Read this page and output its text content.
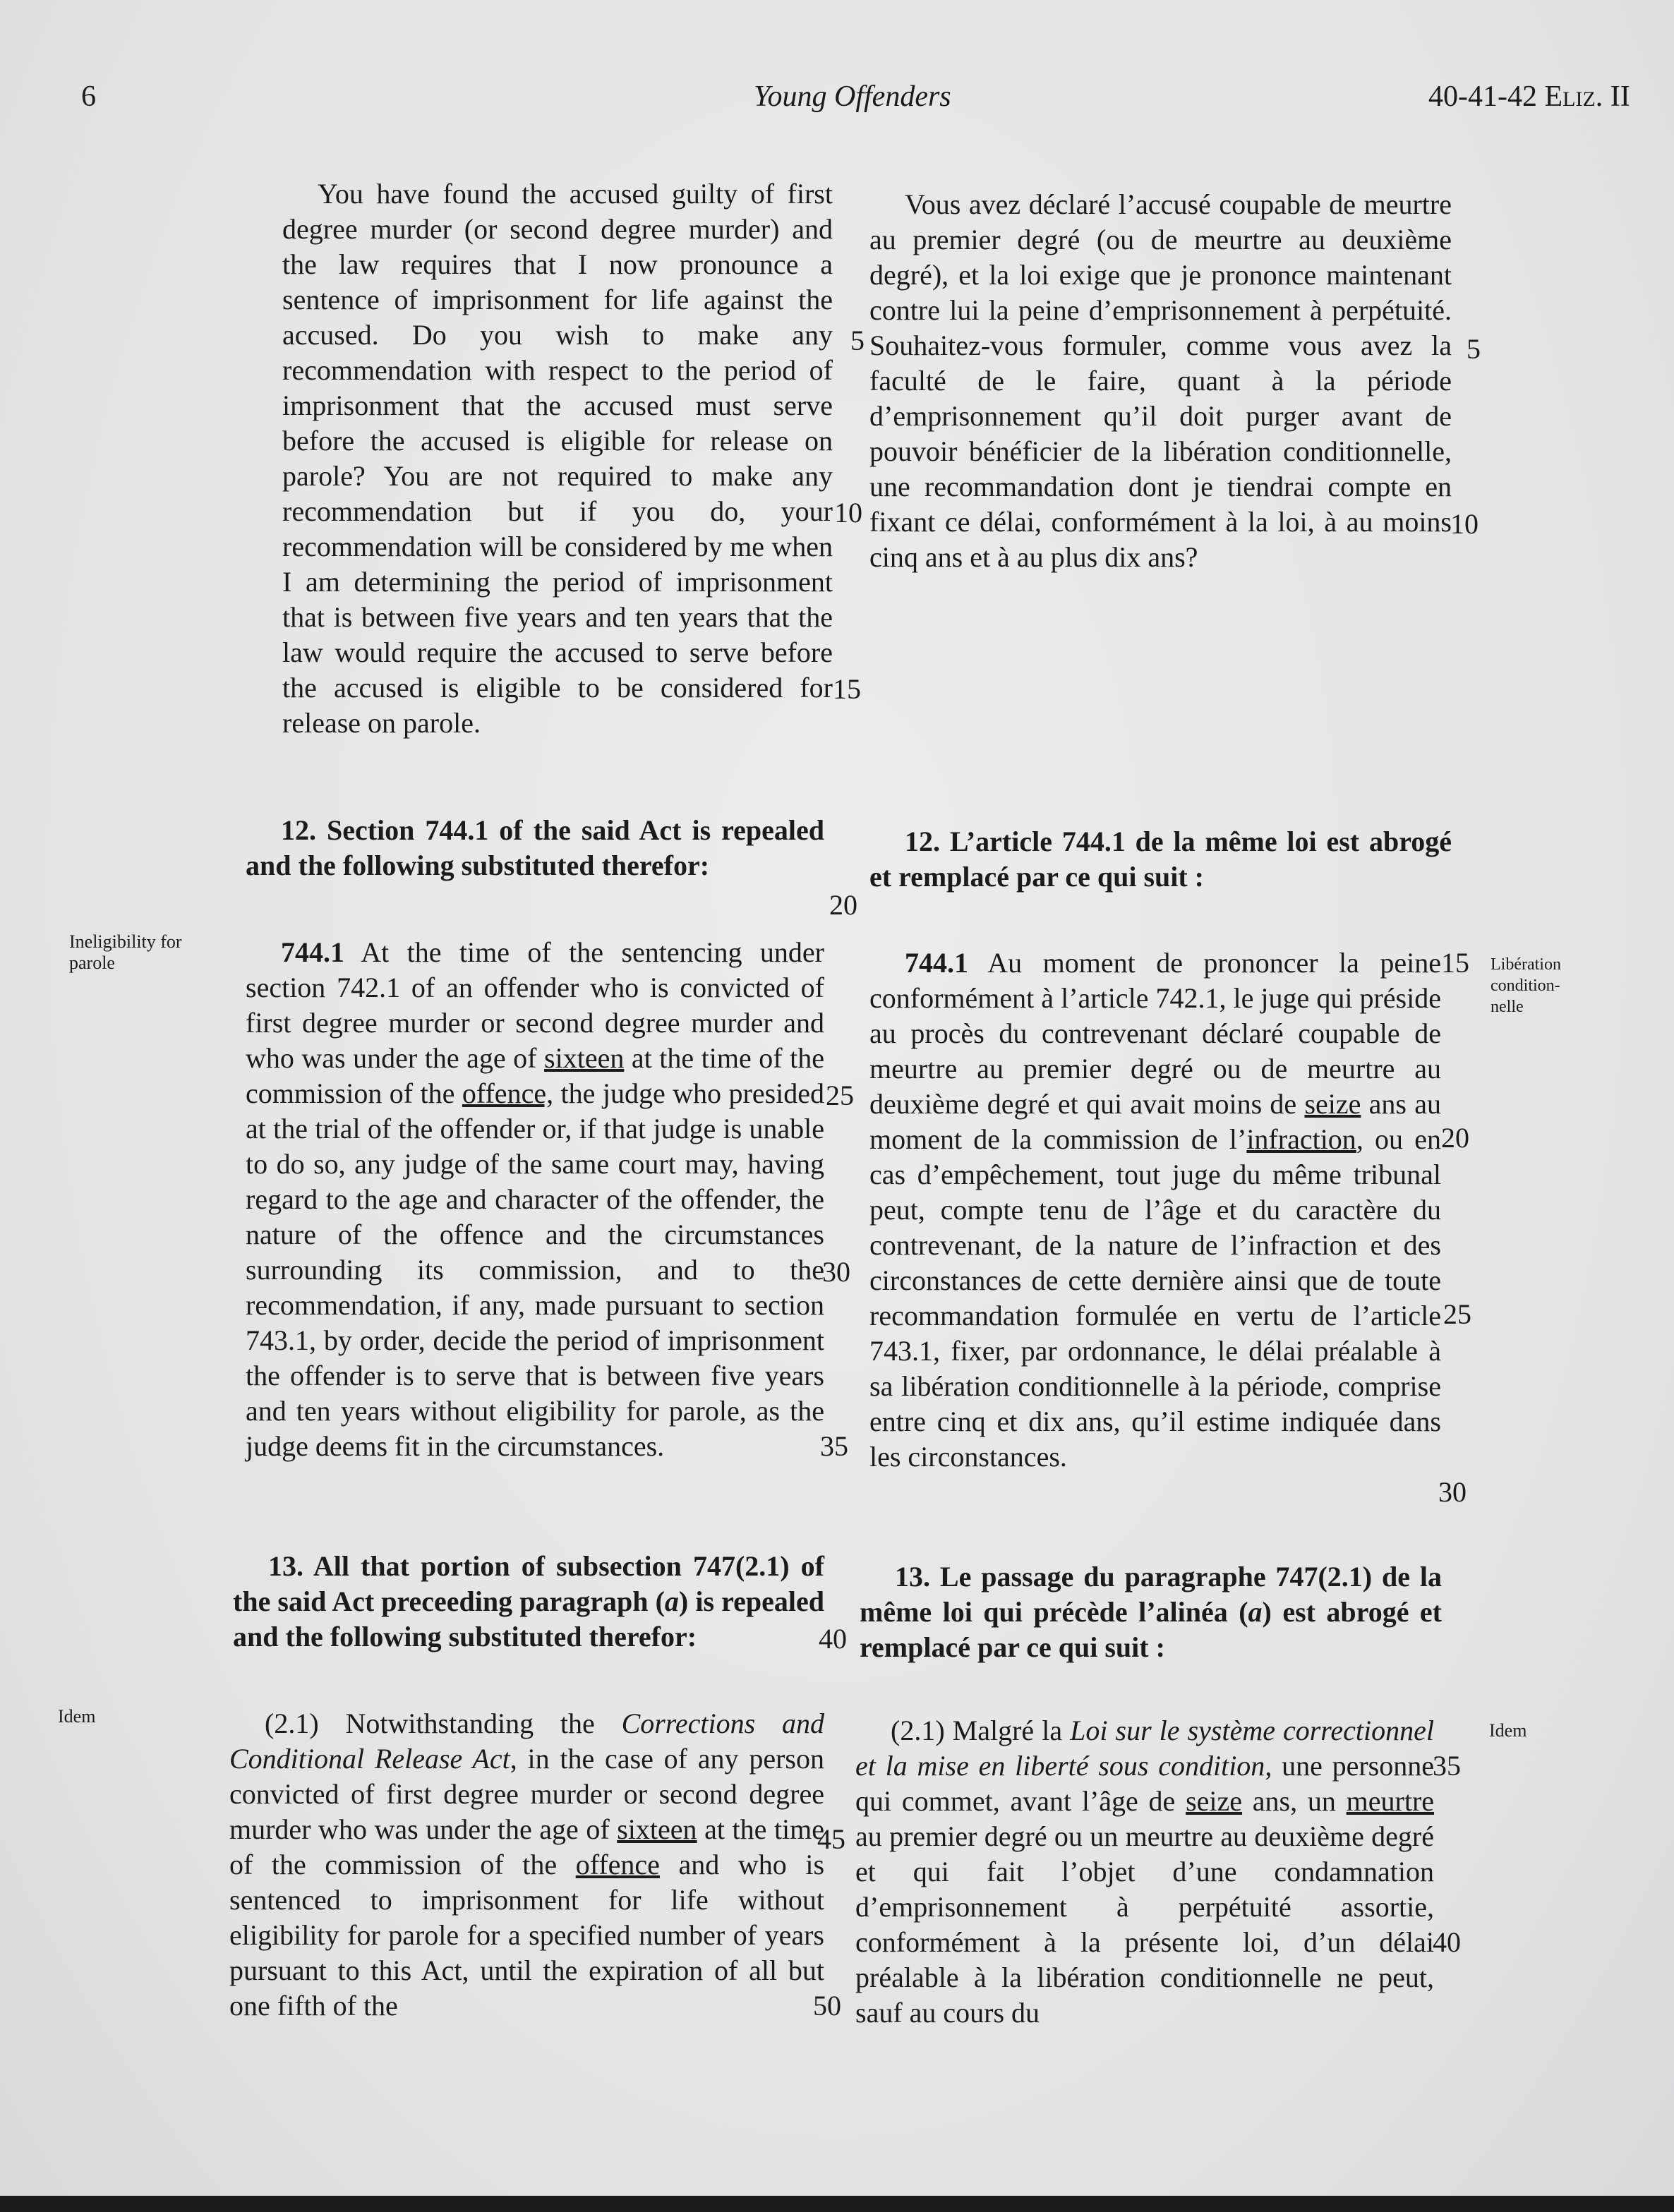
6	Young Offenders	40-41-42 ELIZ. II

You have found the accused guilty of first degree murder (or second degree murder) and the law requires that I now pronounce a sentence of imprisonment for life against the accused. Do you wish to make any recommendation with respect to the period of imprisonment that the accused must serve before the accused is eligible for release on parole? You are not required to make any recommendation but if you do, your recommendation will be considered by me when I am determining the period of imprisonment that is between five years and ten years that the law would require the accused to serve before the accused is eligible to be considered for release on parole.

12. Section 744.1 of the said Act is repealed and the following substituted therefor:

744.1 At the time of the sentencing under section 742.1 of an offender who is convicted of first degree murder or second degree murder and who was under the age of sixteen at the time of the commission of the offence, the judge who presided at the trial of the offender or, if that judge is unable to do so, any judge of the same court may, having regard to the age and character of the offender, the nature of the offence and the circumstances surrounding its commission, and to the recommendation, if any, made pursuant to section 743.1, by order, decide the period of imprisonment the offender is to serve that is between five years and ten years without eligibility for parole, as the judge deems fit in the circumstances.

13. All that portion of subsection 747(2.1) of the said Act preceeding paragraph (a) is repealed and the following substituted therefor:

(2.1) Notwithstanding the Corrections and Conditional Release Act, in the case of any person convicted of first degree murder or second degree murder who was under the age of sixteen at the time of the commission of the offence and who is sentenced to imprisonment for life without eligibility for parole for a specified number of years pursuant to this Act, until the expiration of all but one fifth of the

Vous avez déclaré l’accusé coupable de meurtre au premier degré (ou de meurtre au deuxième degré), et la loi exige que je prononce maintenant contre lui la peine d’emprisonnement à perpétuité. Souhaitez-vous formuler, comme vous avez la faculté de le faire, quant à la période d’emprisonnement qu’il doit purger avant de pouvoir bénéficier de la libération conditionnelle, une recommandation dont je tiendrai compte en fixant ce délai, conformément à la loi, à au moins cinq ans et à au plus dix ans?

12. L’article 744.1 de la même loi est abrogé et remplacé par ce qui suit :

744.1 Au moment de prononcer la peine conformément à l’article 742.1, le juge qui préside au procès du contrevenant déclaré coupable de meurtre au premier degré ou de meurtre au deuxième degré et qui avait moins de seize ans au moment de la commission de l’infraction, ou en cas d’empêchement, tout juge du même tribunal peut, compte tenu de l’âge et du caractère du contrevenant, de la nature de l’infraction et des circonstances de cette dernière ainsi que de toute recommandation formulée en vertu de l’article 743.1, fixer, par ordonnance, le délai préalable à sa libération conditionnelle à la période, comprise entre cinq et dix ans, qu’il estime indiquée dans les circonstances.

13. Le passage du paragraphe 747(2.1) de la même loi qui précède l’alinéa (a) est abrogé et remplacé par ce qui suit :

(2.1) Malgré la Loi sur le système correctionnel et la mise en liberté sous condition, une personne qui commet, avant l’âge de seize ans, un meurtre au premier degré ou un meurtre au deuxième degré et qui fait l’objet d’une condamnation d’emprisonnement à perpétuité assortie, conformément à la présente loi, d’un délai préalable à la libération conditionnelle ne peut, sauf au cours du

5
10
15
20
25
30
35
40
45
50
5
10
15
20
25
30
35
40
Ineligibility for parole	Libération condition-nelle
Idem
Idem
